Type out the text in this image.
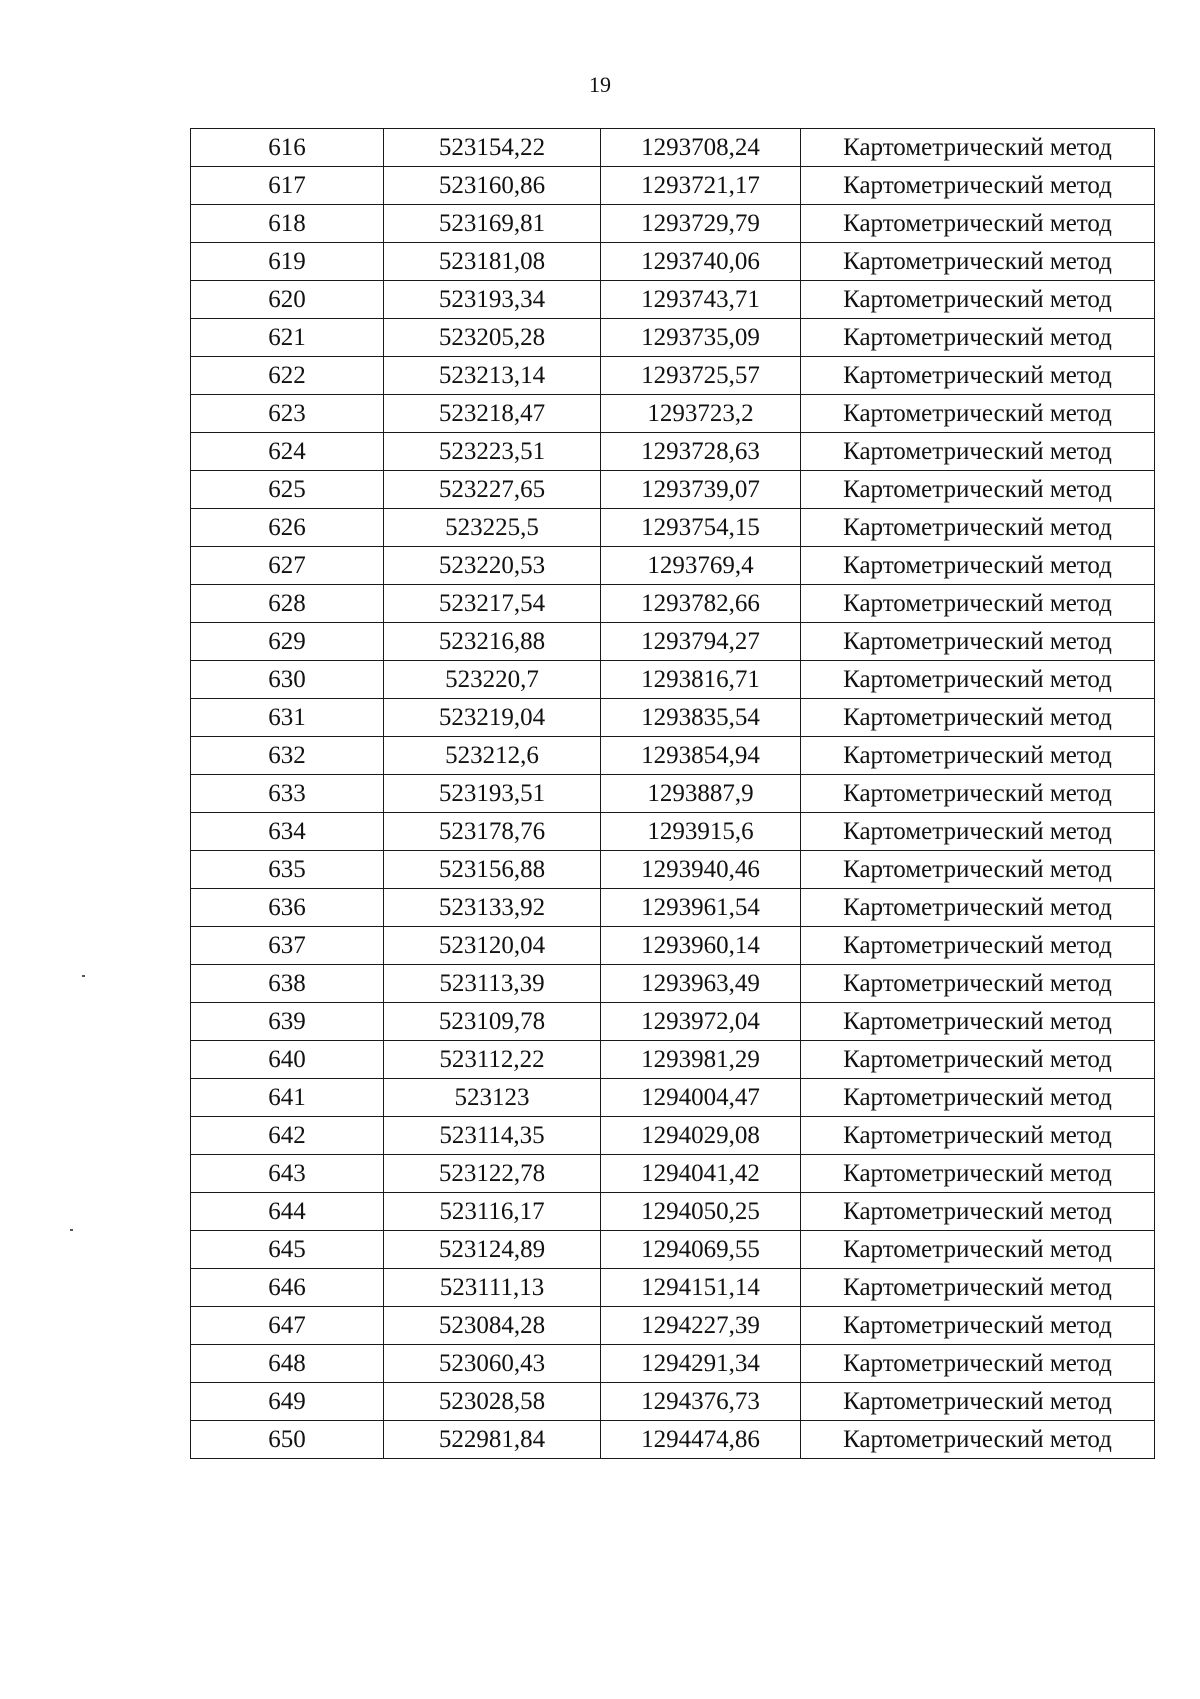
19
616	523154,22	1293708,24	Картометрический метод
617	523160,86	1293721,17	Картометрический метод
618	523169,81	1293729,79	Картометрический метод
619	523181,08	1293740,06	Картометрический метод
620	523193,34	1293743,71	Картометрический метод
621	523205,28	1293735,09	Картометрический метод
622	523213,14	1293725,57	Картометрический метод
623	523218,47	1293723,2	Картометрический метод
624	523223,51	1293728,63	Картометрический метод
625	523227,65	1293739,07	Картометрический метод
626	523225,5	1293754,15	Картометрический метод
627	523220,53	1293769,4	Картометрический метод
628	523217,54	1293782,66	Картометрический метод
629	523216,88	1293794,27	Картометрический метод
630	523220,7	1293816,71	Картометрический метод
631	523219,04	1293835,54	Картометрический метод
632	523212,6	1293854,94	Картометрический метод
633	523193,51	1293887,9	Картометрический метод
634	523178,76	1293915,6	Картометрический метод
635	523156,88	1293940,46	Картометрический метод
636	523133,92	1293961,54	Картометрический метод
637	523120,04	1293960,14	Картометрический метод
638	523113,39	1293963,49	Картометрический метод
639	523109,78	1293972,04	Картометрический метод
640	523112,22	1293981,29	Картометрический метод
641	523123	1294004,47	Картометрический метод
642	523114,35	1294029,08	Картометрический метод
643	523122,78	1294041,42	Картометрический метод
644	523116,17	1294050,25	Картометрический метод
645	523124,89	1294069,55	Картометрический метод
646	523111,13	1294151,14	Картометрический метод
647	523084,28	1294227,39	Картометрический метод
648	523060,43	1294291,34	Картометрический метод
649	523028,58	1294376,73	Картометрический метод
650	522981,84	1294474,86	Картометрический метод
